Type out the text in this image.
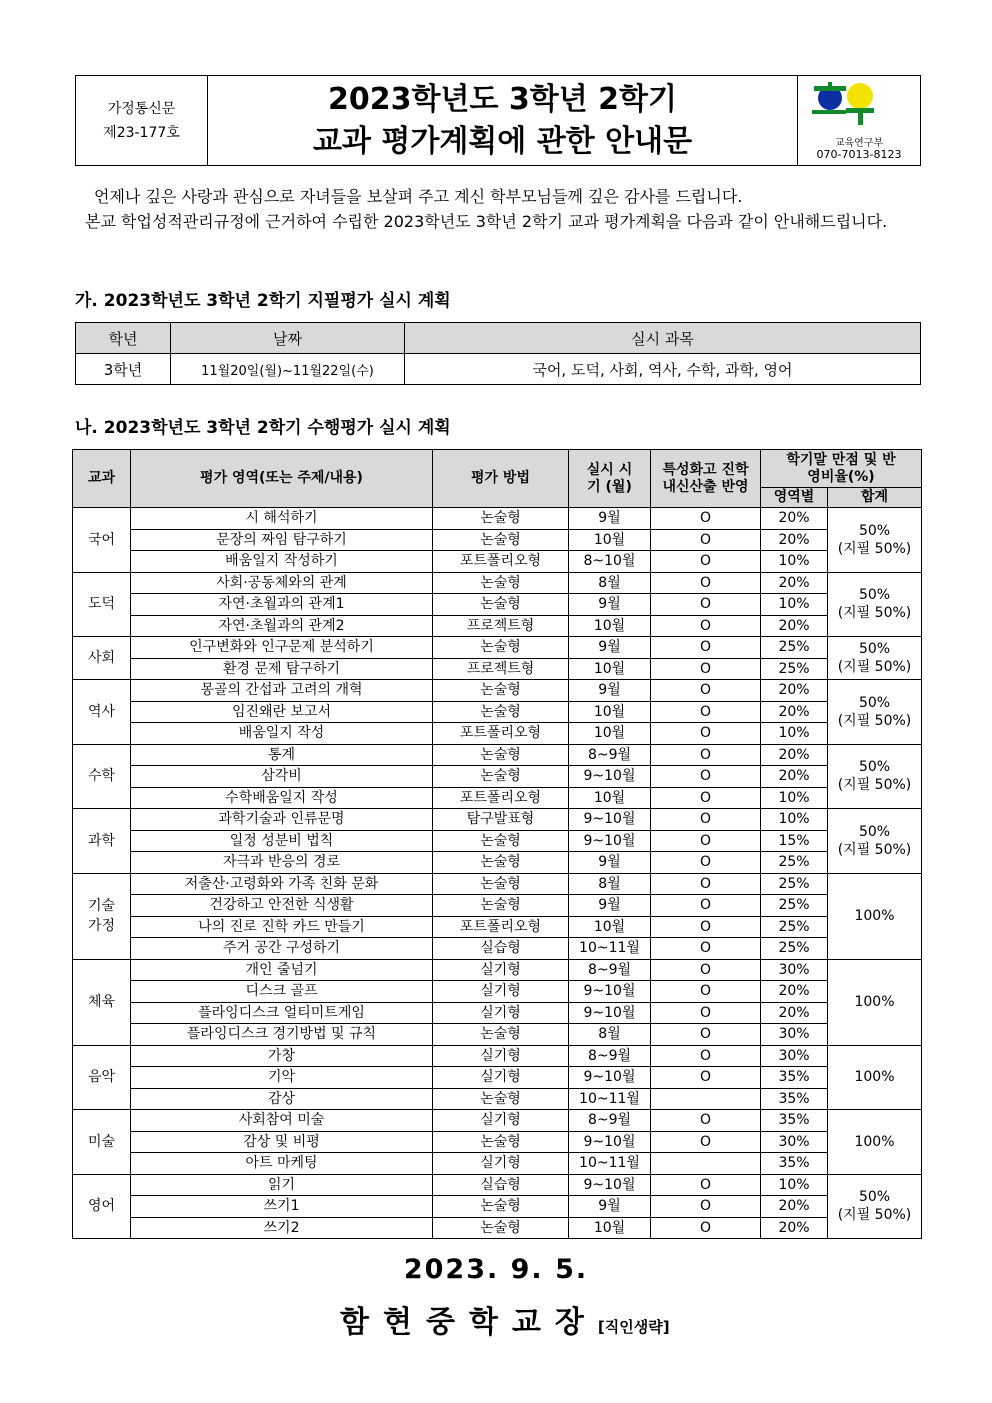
가정통신문
제23-177호
2023학년도 3학년 2학기
교과 평가계획에 관한 안내문	교육연구부
070-7013-8123

언제나 깊은 사랑과 관심으로 자녀들을 보살펴 주고 계신 학부모님들께 깊은 감사를 드립니다.

본교 학업성적관리규정에 근거하여 수립한 2023학년도 3학년 2학기 교과 평가계획을 다음과 같이 안내해드립니다.

가. 2023학년도 3학년 2학기 지필평가 실시 계획
학년	날짜	실시 과목
3학년	11월20일(월)~11월22일(수)	국어, 도덕, 사회, 역사, 수학, 과학, 영어
나. 2023학년도 3학년 2학기 수행평가 실시 계획
교과	평가 영역(또는 주제/내용)	평가 방법	실시 시기 (월)	특성화고 진학 내신산출 반영	학기말 만점 및 반영비율(%)	
					영역별	합계
국어	시 해석하기	논술형	9월	O	20%	50%
(지필 50%)
	문장의 짜임 탐구하기	논술형	10월	O	20%	
	배움일지 작성하기	포트폴리오형	8~10월	O	10%	
도덕	사회·공동체와의 관계	논술형	8월	O	20%	50%
(지필 50%)
	자연·초월과의 관계1	논술형	9월	O	10%	
	자연·초월과의 관계2	프로젝트형	10월	O	20%	
사회	인구변화와 인구문제 분석하기	논술형	9월	O	25%	50%
(지필 50%)
	환경 문제 탐구하기	프로젝트형	10월	O	25%	
역사	몽골의 간섭과 고려의 개혁	논술형	9월	O	20%	50%
(지필 50%)
	임진왜란 보고서	논술형	10월	O	20%	
	배움일지 작성	포트폴리오형	10월	O	10%	
수학	통계	논술형	8~9월	O	20%	50%
(지필 50%)
	삼각비	논술형	9~10월	O	20%	
	수학배움일지 작성	포트폴리오형	10월	O	10%	
과학	과학기술과 인류문명	탐구발표형	9~10월	O	10%	50%
(지필 50%)
	일정 성분비 법칙	논술형	9~10월	O	15%	
	자극과 반응의 경로	논술형	9월	O	25%	
기술
가정	저출산·고령화와 가족 친화 문화	논술형	8월	O	25%	100%
	건강하고 안전한 식생활	논술형	9월	O	25%	
	나의 진로 진학 카드 만들기	포트폴리오형	10월	O	25%	
	주거 공간 구성하기	실습형	10~11월	O	25%	
체육	개인 줄넘기	실기형	8~9월	O	30%	100%
	디스크 골프	실기형	9~10월	O	20%	
	플라잉디스크 얼티미트게임	실기형	9~10월	O	20%	
	플라잉디스크 경기방법 및 규칙	논술형	8월	O	30%	
음악	가창	실기형	8~9월	O	30%	100%
	기악	실기형	9~10월	O	35%	
	감상	논술형	10~11월		35%	
미술	사회참여 미술	실기형	8~9월	O	35%	100%
	감상 및 비평	논술형	9~10월	O	30%	
	아트 마케팅	실기형	10~11월		35%	
영어	읽기	실습형	9~10월	O	10%	50%
(지필 50%)
	쓰기1	논술형	9월	O	20%	
	쓰기2	논술형	10월	O	20%	
2023. 9. 5.
함현중학교장[직인생략]
